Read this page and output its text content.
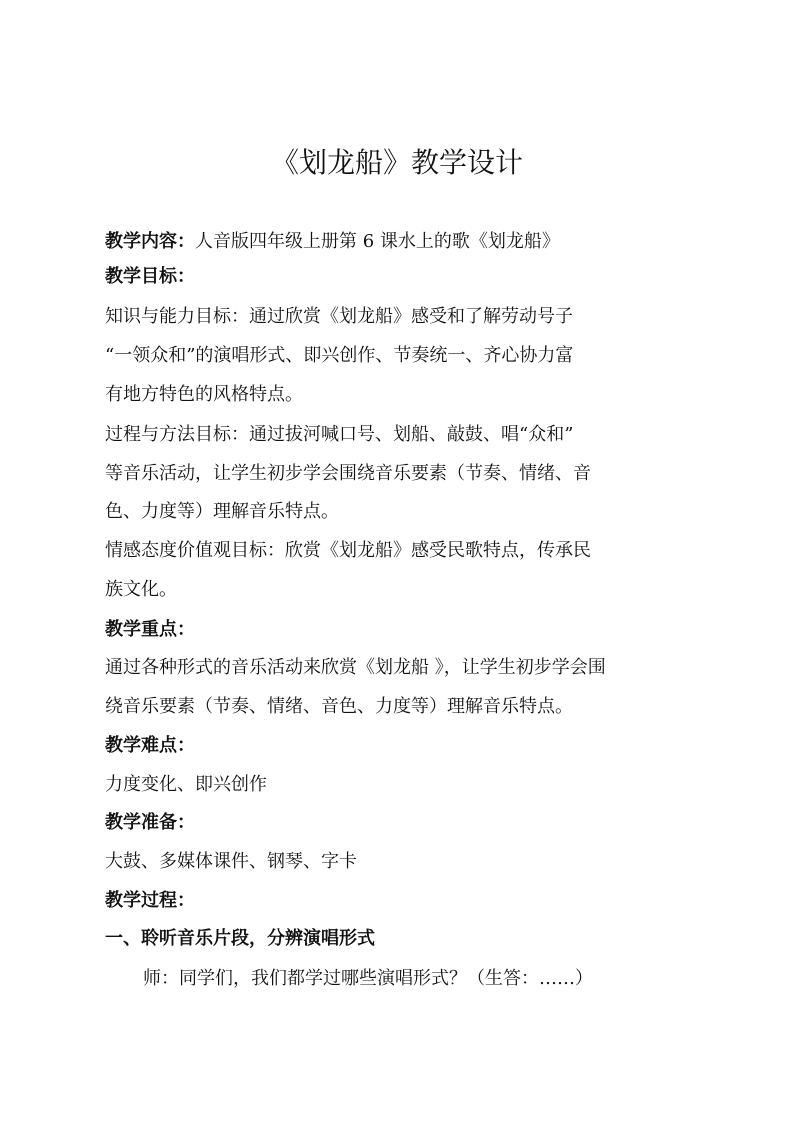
《划龙船》教学设计
教学内容：人音版四年级上册第 6 课水上的歌《划龙船》
教学目标：
知识与能力目标：通过欣赏《划龙船》感受和了解劳动号子
“一领众和”的演唱形式、即兴创作、节奏统一、齐心协力富
有地方特色的风格特点。
过程与方法目标：通过拔河喊口号、划船、敲鼓、唱“众和”
等音乐活动，让学生初步学会围绕音乐要素（节奏、情绪、音
色、力度等）理解音乐特点。
情感态度价值观目标：欣赏《划龙船》感受民歌特点，传承民
族文化。
教学重点：
通过各种形式的音乐活动来欣赏《划龙船 》，让学生初步学会围
绕音乐要素（节奏、情绪、音色、力度等）理解音乐特点。
教学难点：
力度变化、即兴创作
教学准备：
大鼓、多媒体课件、钢琴、字卡
教学过程：
一、聆听音乐片段，分辨演唱形式
师：同学们，我们都学过哪些演唱形式？（生答：……）
